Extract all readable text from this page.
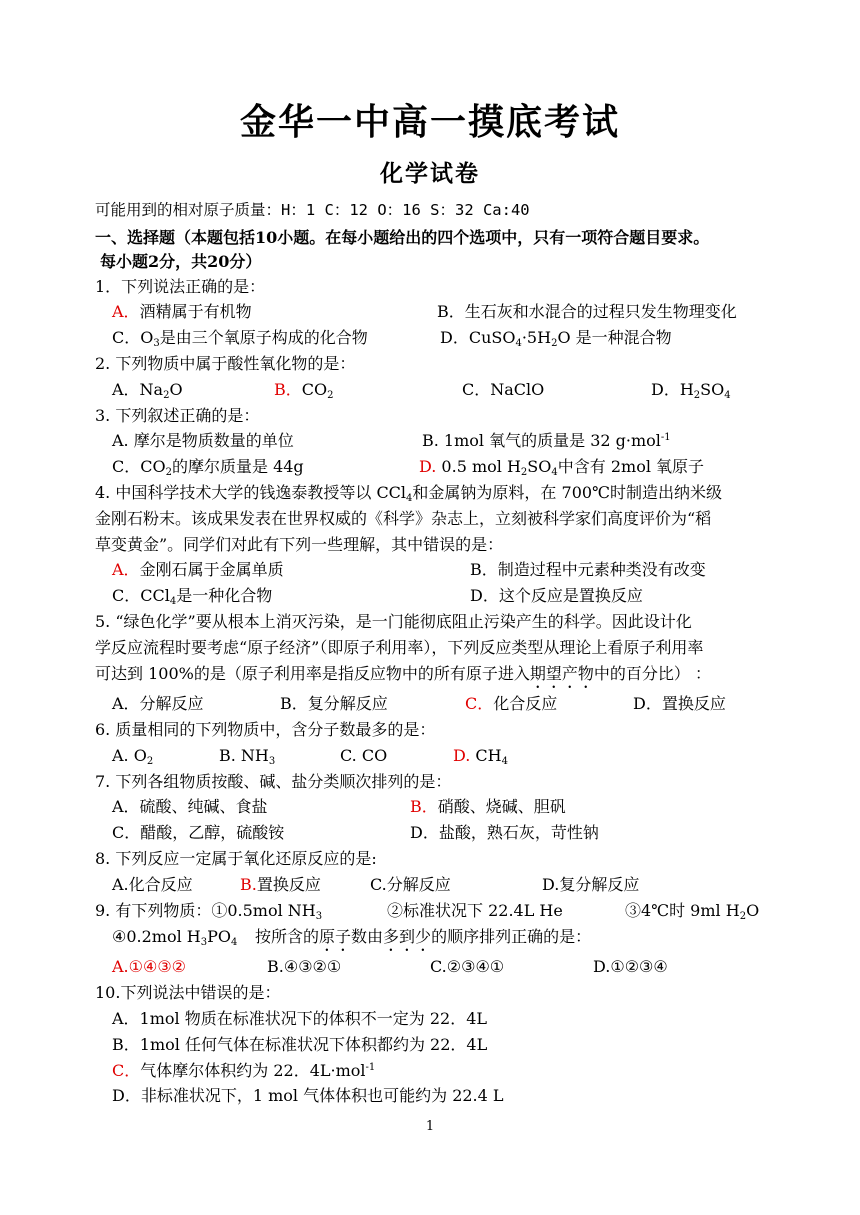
金华一中高一摸底考试
化学试卷
可能用到的相对原子质量：H：1 C：12 O：16 S：32 Ca:40
一、选择题（本题包括10小题。在每小题给出的四个选项中，只有一项符合题目要求。
每小题2分，共20分）
1．下列说法正确的是：
A．酒精属于有机物	B．生石灰和水混合的过程只发生物理变化
C．$O_3$是由三个氧原子构成的化合物	D．$CuSO_4\cdot 5H_2O$ 是一种混合物
2. 下列物质中属于酸性氧化物的是：
A．$Na_2O$	B．$CO_2$	C．NaClO	D．$H_2SO_4$
3. 下列叙述正确的是：
A. 摩尔是物质数量的单位	B. 1mol 氧气的质量是 32 g·mol$^{-1}$
C．$CO_2$的摩尔质量是 44g	D. 0.5 mol $H_2SO_4$中含有 2mol 氧原子
4. 中国科学技术大学的钱逸泰教授等以 CCl$_4$和金属钠为原料，在 700℃时制造出纳米级
金刚石粉末。该成果发表在世界权威的《科学》杂志上，立刻被科学家们高度评价为“稻
草变黄金”。同学们对此有下列一些理解，其中错误的是：
A．金刚石属于金属单质	B．制造过程中元素种类没有改变
C．CCl$_4$是一种化合物	D．这个反应是置换反应
5. “绿色化学”要从根本上消灭污染，是一门能彻底阻止污染产生的科学。因此设计化
学反应流程时要考虑“原子经济”（即原子利用率），下列反应类型从理论上看原子利用率
可达到 100%的是（原子利用率是指反应物中的所有原子进入期望产物中的百分比） ：
A．分解反应	B．复分解反应	C．化合反应	D．置换反应
6. 质量相同的下列物质中，含分子数最多的是：
A. $O_2$	B. $NH_3$	C. CO	D. $CH_4$
7. 下列各组物质按酸、碱、盐分类顺次排列的是：
A．硫酸、纯碱、食盐	B．硝酸、烧碱、胆矾
C．醋酸，乙醇，硫酸铵	D．盐酸，熟石灰，苛性钠
8. 下列反应一定属于氧化还原反应的是:
A.化合反应	B.置换反应	C.分解反应	D.复分解反应
9. 有下列物质：①0.5mol $NH_3$	②标准状况下 22.4L He	③4℃时 9ml $H_2O$
④0.2mol $H_3PO_4$ 按所含的原子数由多到少的顺序排列正确的是：
A.①④③②	B.④③②①	C.②③④①	D.①②③④
10.下列说法中错误的是：
A．1mol 物质在标准状况下的体积不一定为 22．4L
B．1mol 任何气体在标准状况下体积都约为 22．4L
C．气体摩尔体积约为 22．4L·mol$^{-1}$
D．非标准状况下，1 mol 气体体积也可能约为 22.4 L
1
